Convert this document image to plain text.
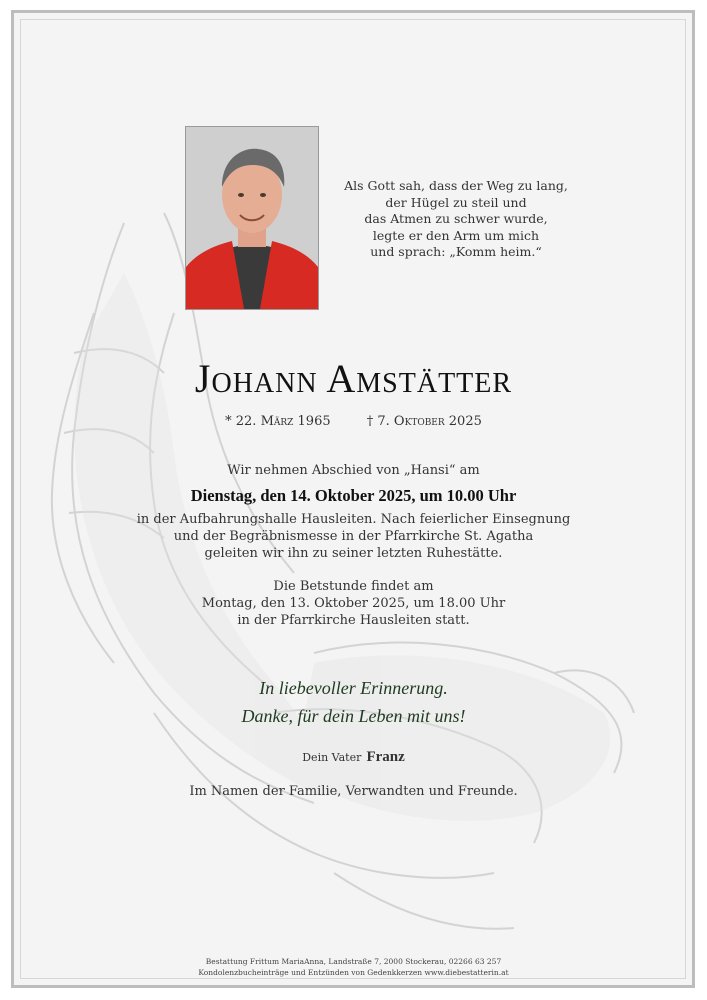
Als Gott sah, dass der Weg zu lang,
der Hügel zu steil und
das Atmen zu schwer wurde,
legte er den Arm um mich
und sprach: „Komm heim.“
Johann Amstätter
* 22. März 1965	† 7. Oktober 2025
Wir nehmen Abschied von „Hansi“ am
Dienstag, den 14. Oktober 2025, um 10.00 Uhr
in der Aufbahrungshalle Hausleiten. Nach feierlicher Einsegnung
und der Begräbnismesse in der Pfarrkirche St. Agatha
geleiten wir ihn zu seiner letzten Ruhestätte.
Die Betstunde findet am
Montag, den 13. Oktober 2025, um 18.00 Uhr
in der Pfarrkirche Hausleiten statt.
In liebevoller Erinnerung.
Danke, für dein Leben mit uns!
Dein Vater Franz
Im Namen der Familie, Verwandten und Freunde.
Bestattung Frittum MariaAnna, Landstraße 7, 2000 Stockerau, 02266 63 257
Kondolenzbucheinträge und Entzünden von Gedenkkerzen www.diebestatterin.at
